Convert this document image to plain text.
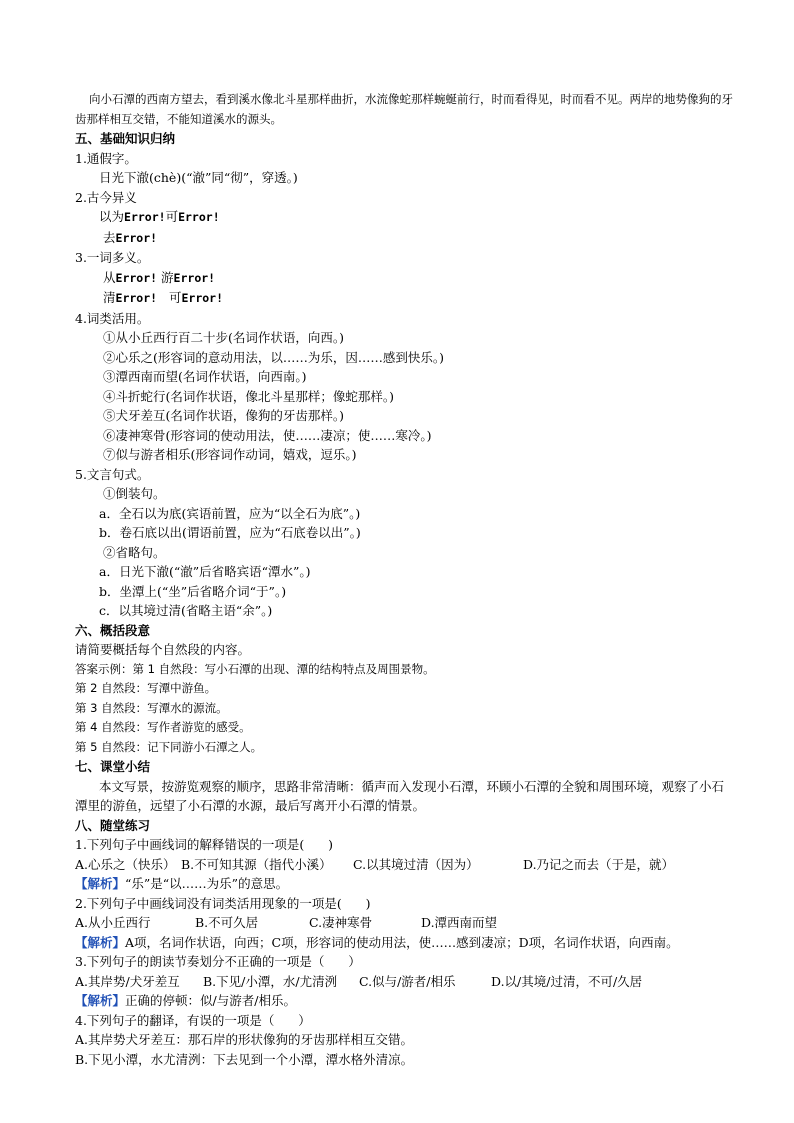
向小石潭的西南方望去，看到溪水像北斗星那样曲折，水流像蛇那样蜿蜒前行，时而看得见，时而看不见。两岸的地势像狗的牙齿那样相互交错，不能知道溪水的源头。
五、基础知识归纳
1.通假字。
日光下澈(chè)(“澈”同“彻”，穿透。)
2.古今异义
以为Error!可Error!
去Error!
3.一词多义。
从Error! 游Error!
清Error!   可Error!
4.词类活用。
①从小丘西行百二十步(名词作状语，向西。)
②心乐之(形容词的意动用法，以……为乐，因……感到快乐。)
③潭西南而望(名词作状语，向西南。)
④斗折蛇行(名词作状语，像北斗星那样；像蛇那样。)
⑤犬牙差互(名词作状语，像狗的牙齿那样。)
⑥凄神寒骨(形容词的使动用法，使……凄凉；使……寒冷。)
⑦似与游者相乐(形容词作动词，嬉戏，逗乐。)
5.文言句式。
①倒装句。
a．全石以为底(宾语前置，应为“以全石为底”。)
b．卷石底以出(谓语前置，应为“石底卷以出”。)
②省略句。
a．日光下澈(“澈”后省略宾语“潭水”。)
b．坐潭上(“坐”后省略介词“于”。)
c．以其境过清(省略主语“余”。)
六、概括段意
请简要概括每个自然段的内容。
答案示例：第 1 自然段：写小石潭的出现、潭的结构特点及周围景物。
第 2 自然段：写潭中游鱼。
第 3 自然段：写潭水的源流。
第 4 自然段：写作者游览的感受。
第 5 自然段：记下同游小石潭之人。
七、课堂小结
本文写景，按游览观察的顺序，思路非常清晰：循声而入发现小石潭，环顾小石潭的全貌和周围环境，观察了小石潭里的游鱼，远望了小石潭的水源，最后写离开小石潭的情景。
八、随堂练习
1.下列句子中画线词的解释错误的一项是(      )
A.心乐之（快乐） B.不可知其源（指代小溪） C.以其境过清（因为）	D.乃记之而去（于是，就）
【解析】“乐”是“以……为乐”的意思。
2.下列句子中画线词没有词类活用现象的一项是(      )
A.从小丘西行	B.不可久居	C.凄神寒骨	D.潭西南而望
【解析】A项，名词作状语，向西；C项，形容词的使动用法，使……感到凄凉；D项，名词作状语，向西南。
3.下列句子的朗读节奏划分不正确的一项是（      ）
A.其岸势/犬牙差互 B.下见/小潭，水/尤清洌 C.似与/游者/相乐	D.以/其境/过清，不可/久居
【解析】正确的停顿：似/与游者/相乐。
4.下列句子的翻译，有误的一项是（      ）
A.其岸势犬牙差互：那石岸的形状像狗的牙齿那样相互交错。
B.下见小潭，水尤清洌：下去见到一个小潭，潭水格外清凉。
